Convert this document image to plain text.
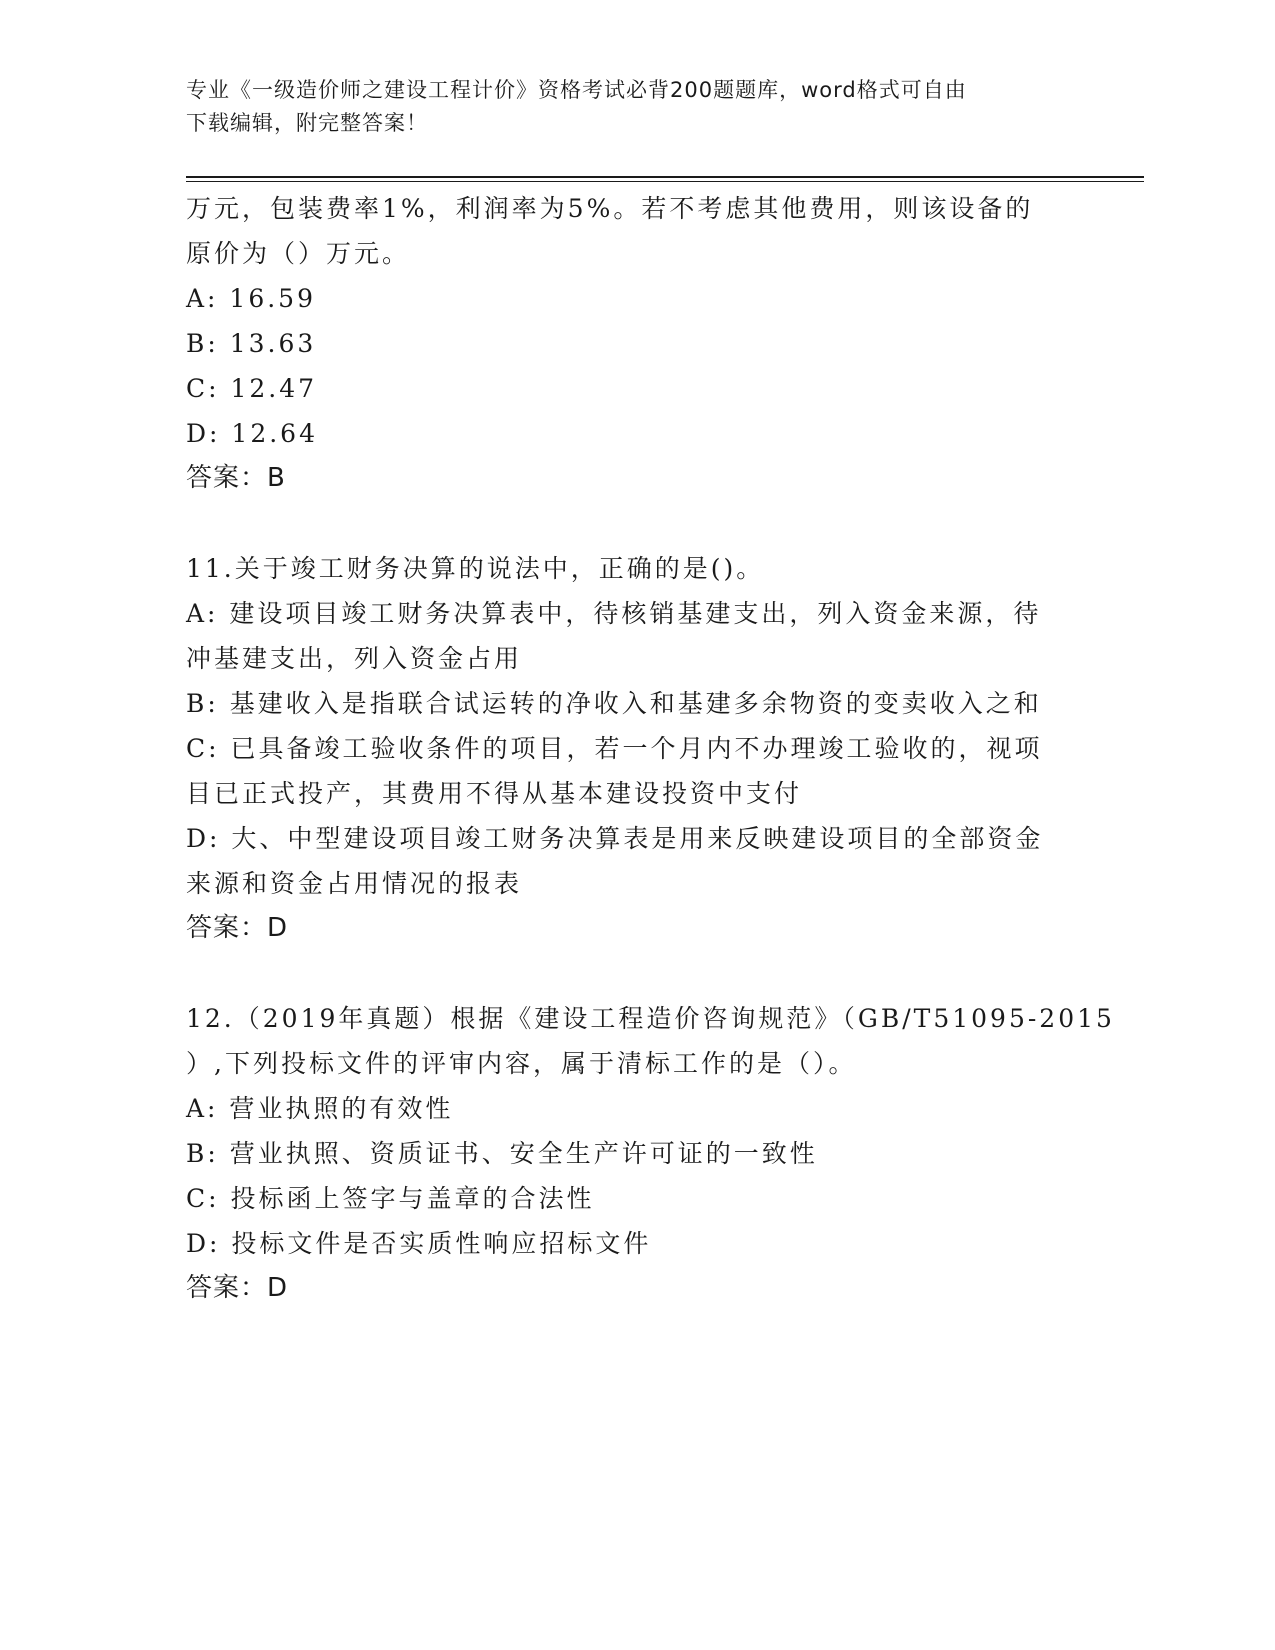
专业《一级造价师之建设工程计价》资格考试必背200题题库，word格式可自由
下载编辑，附完整答案！
万元，包装费率1%，利润率为5%。若不考虑其他费用，则该设备的
原价为（）万元。
A: 16.59
B: 13.63
C: 12.47
D: 12.64
答案：B
11.关于竣工财务决算的说法中，正确的是()。
A: 建设项目竣工财务决算表中，待核销基建支出，列入资金来源，待
冲基建支出，列入资金占用
B: 基建收入是指联合试运转的净收入和基建多余物资的变卖收入之和
C: 已具备竣工验收条件的项目，若一个月内不办理竣工验收的，视项
目已正式投产，其费用不得从基本建设投资中支付
D: 大、中型建设项目竣工财务决算表是用来反映建设项目的全部资金
来源和资金占用情况的报表
答案：D
12.（2019年真题）根据《建设工程造价咨询规范》（GB/T51095-2015
）,下列投标文件的评审内容，属于清标工作的是（）。
A: 营业执照的有效性
B: 营业执照、资质证书、安全生产许可证的一致性
C: 投标函上签字与盖章的合法性
D: 投标文件是否实质性响应招标文件
答案：D
